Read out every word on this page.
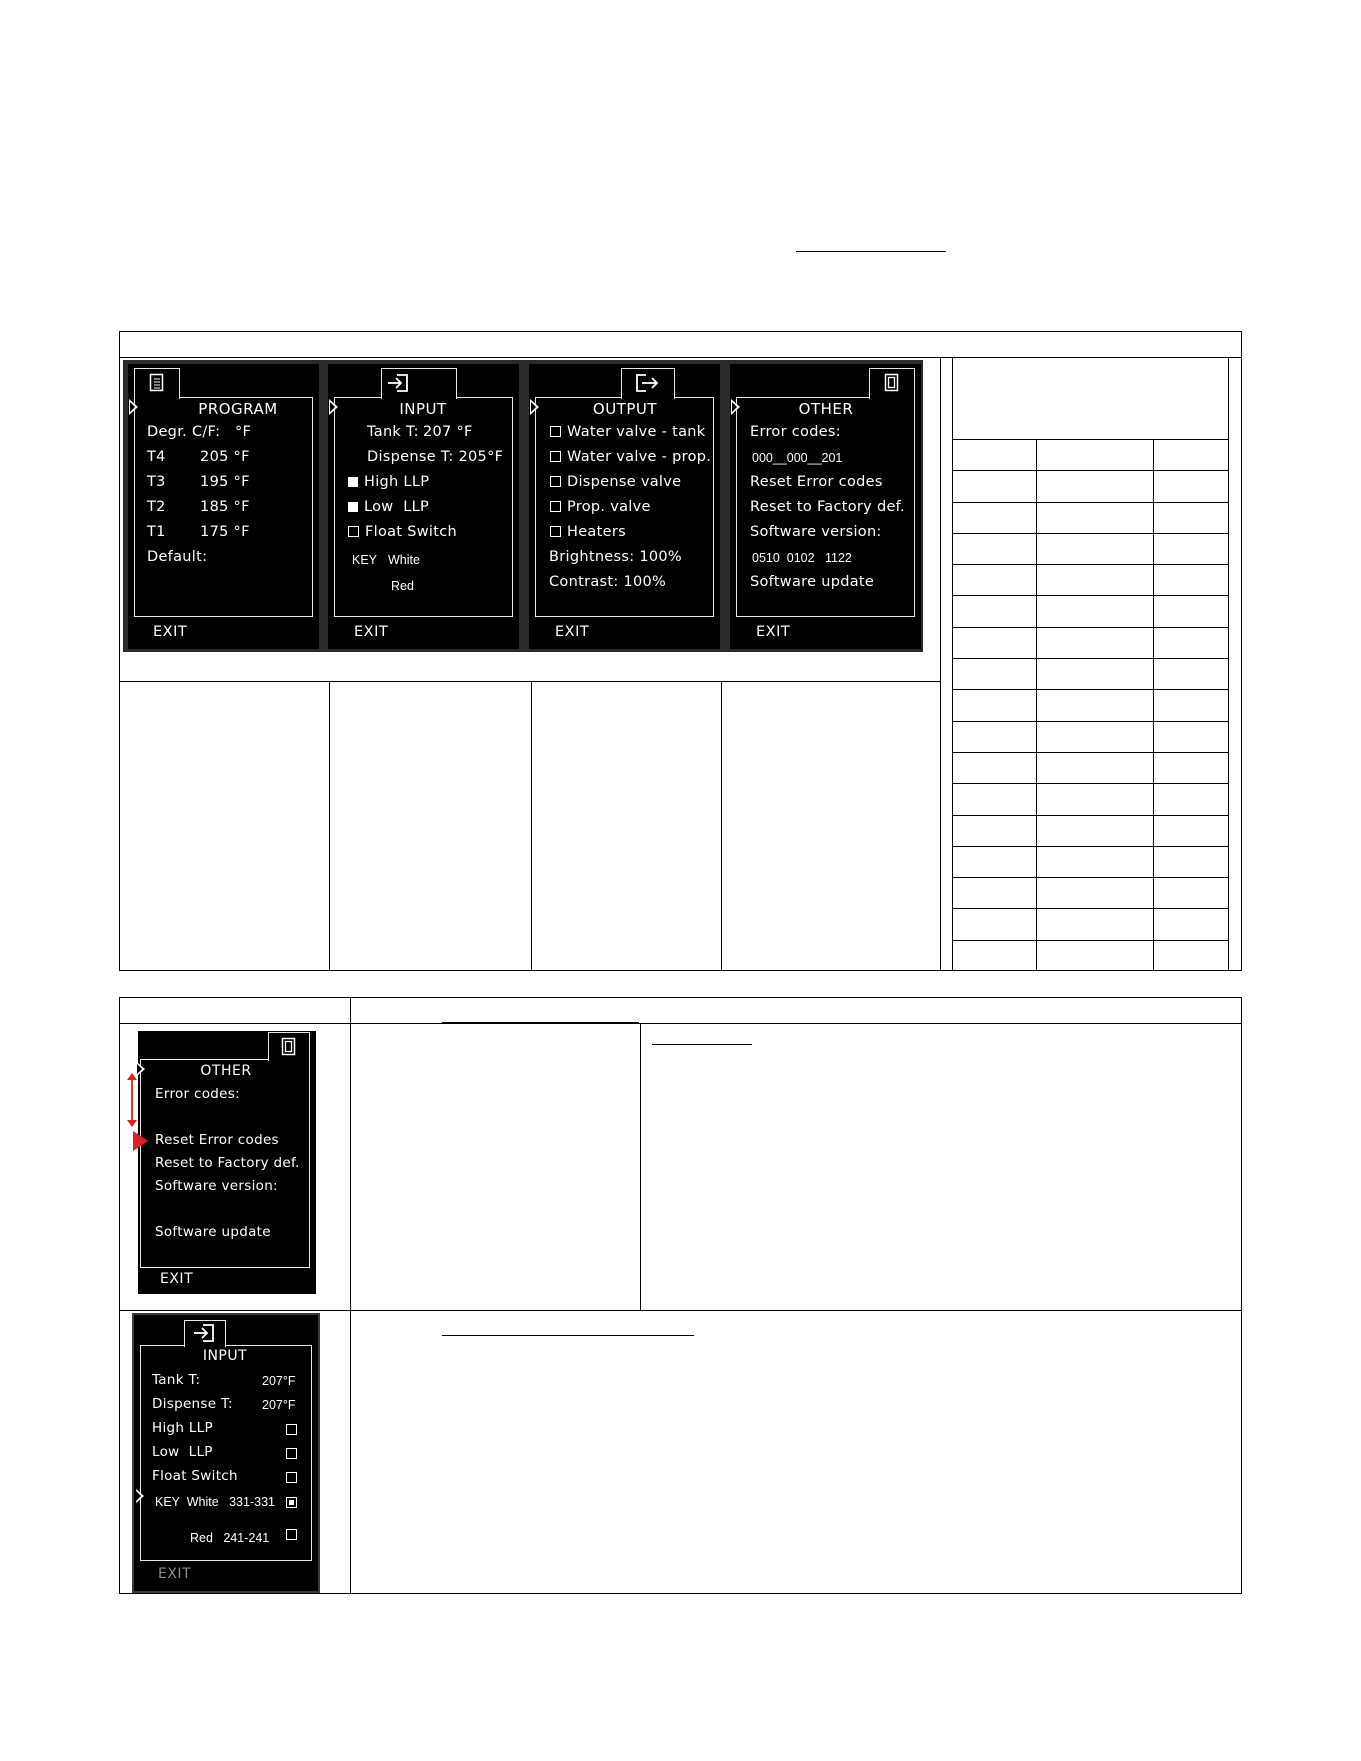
PROGRAM
Degr. C/F:   °F
T4       205 °F
T3       195 °F
T2       185 °F
T1       175 °F
Default:
EXIT
INPUT
Tank T: 207 °F
Dispense T: 205°F
High LLP
Low  LLP
Float Switch
KEY White
Red
EXIT
OUTPUT
Water valve - tank
Water valve - prop.
Dispense valve
Prop. valve
Heaters
Brightness: 100%
Contrast: 100%
EXIT
OTHER
Error codes:
000__000__201
Reset Error codes
Reset to Factory def.
Software version:
0510  0102   1122
Software update
EXIT
OTHER
Error codes:
Reset Error codes
Reset to Factory def.
Software version:
Software update
EXIT
INPUT
Tank T:	207°F
Dispense T: 207°F
High LLP
Low  LLP
Float Switch
KEY  White   331-331
Red   241-241
EXIT
